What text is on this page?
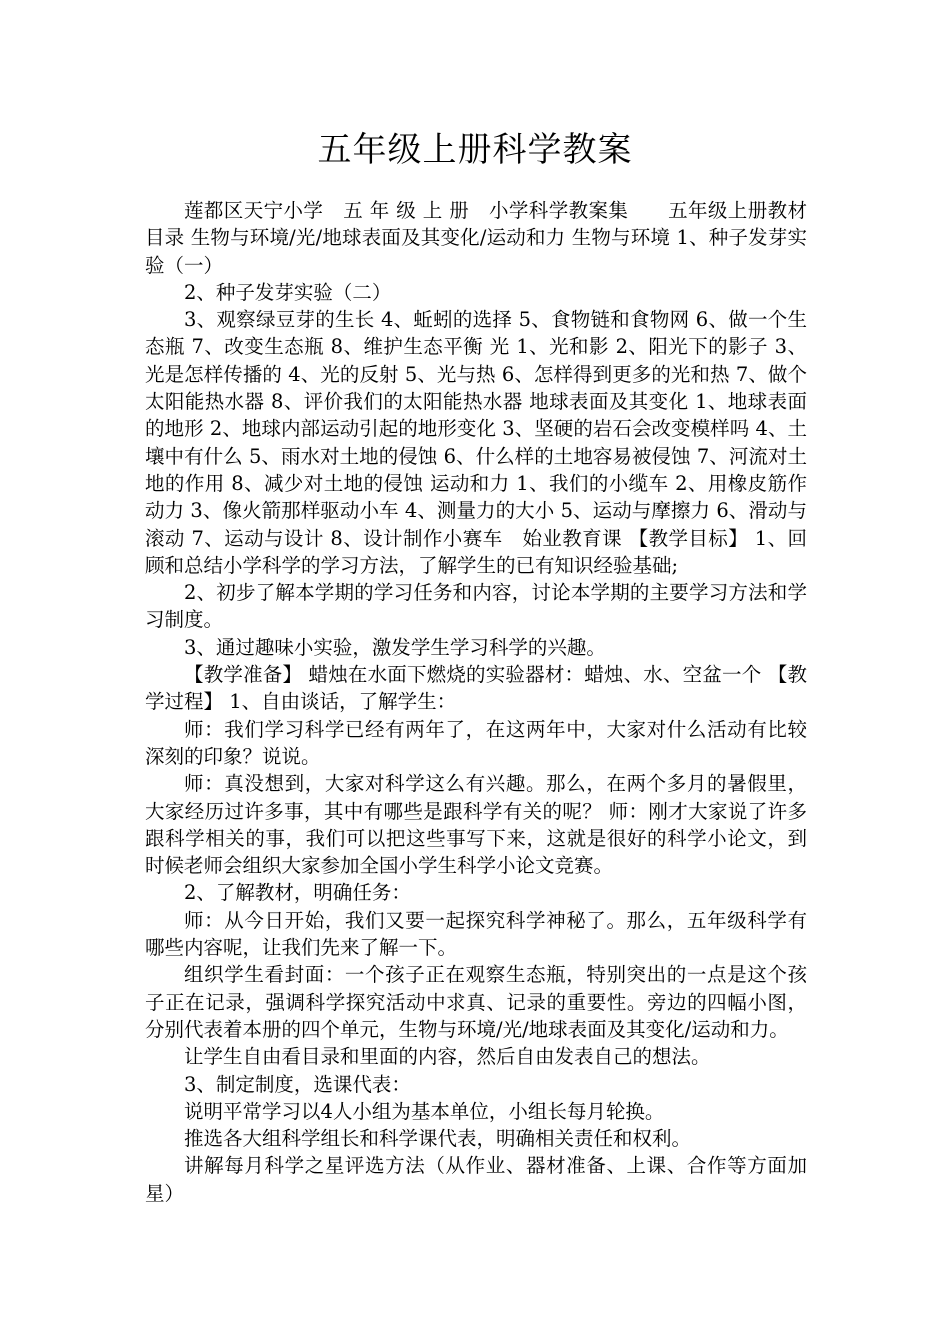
五年级上册科学教案

莲都区天宁小学　五 年 级 上 册　小学科学教案集　　五年级上册教材目录 生物与环境/光/地球表面及其变化/运动和力 生物与环境 1、种子发芽实验（一）

2、种子发芽实验（二）

3、观察绿豆芽的生长 4、蚯蚓的选择 5、食物链和食物网 6、做一个生态瓶 7、改变生态瓶 8、维护生态平衡 光 1、光和影 2、阳光下的影子 3、光是怎样传播的 4、光的反射 5、光与热 6、怎样得到更多的光和热 7、做个太阳能热水器 8、评价我们的太阳能热水器 地球表面及其变化 1、地球表面的地形 2、地球内部运动引起的地形变化 3、坚硬的岩石会改变模样吗 4、土壤中有什么 5、雨水对土地的侵蚀 6、什么样的土地容易被侵蚀 7、河流对土地的作用 8、减少对土地的侵蚀 运动和力 1、我们的小缆车 2、用橡皮筋作动力 3、像火箭那样驱动小车 4、测量力的大小 5、运动与摩擦力 6、滑动与滚动 7、运动与设计 8、设计制作小赛车　始业教育课 【教学目标】 1、回顾和总结小学科学的学习方法，了解学生的已有知识经验基础;

2、初步了解本学期的学习任务和内容，讨论本学期的主要学习方法和学习制度。

3、通过趣味小实验，激发学生学习科学的兴趣。

【教学准备】 蜡烛在水面下燃烧的实验器材：蜡烛、水、空盆一个 【教学过程】 1、自由谈话，了解学生：

师：我们学习科学已经有两年了，在这两年中，大家对什么活动有比较深刻的印象？说说。

师：真没想到，大家对科学这么有兴趣。那么，在两个多月的暑假里，大家经历过许多事，其中有哪些是跟科学有关的呢？ 师：刚才大家说了许多跟科学相关的事，我们可以把这些事写下来，这就是很好的科学小论文，到时候老师会组织大家参加全国小学生科学小论文竞赛。

2、了解教材，明确任务：

师：从今日开始，我们又要一起探究科学神秘了。那么，五年级科学有哪些内容呢，让我们先来了解一下。

组织学生看封面：一个孩子正在观察生态瓶，特别突出的一点是这个孩子正在记录，强调科学探究活动中求真、记录的重要性。旁边的四幅小图，分别代表着本册的四个单元，生物与环境/光/地球表面及其变化/运动和力。

让学生自由看目录和里面的内容，然后自由发表自己的想法。

3、制定制度，选课代表：

说明平常学习以4人小组为基本单位，小组长每月轮换。

推选各大组科学组长和科学课代表，明确相关责任和权利。

讲解每月科学之星评选方法（从作业、器材准备、上课、合作等方面加星）
